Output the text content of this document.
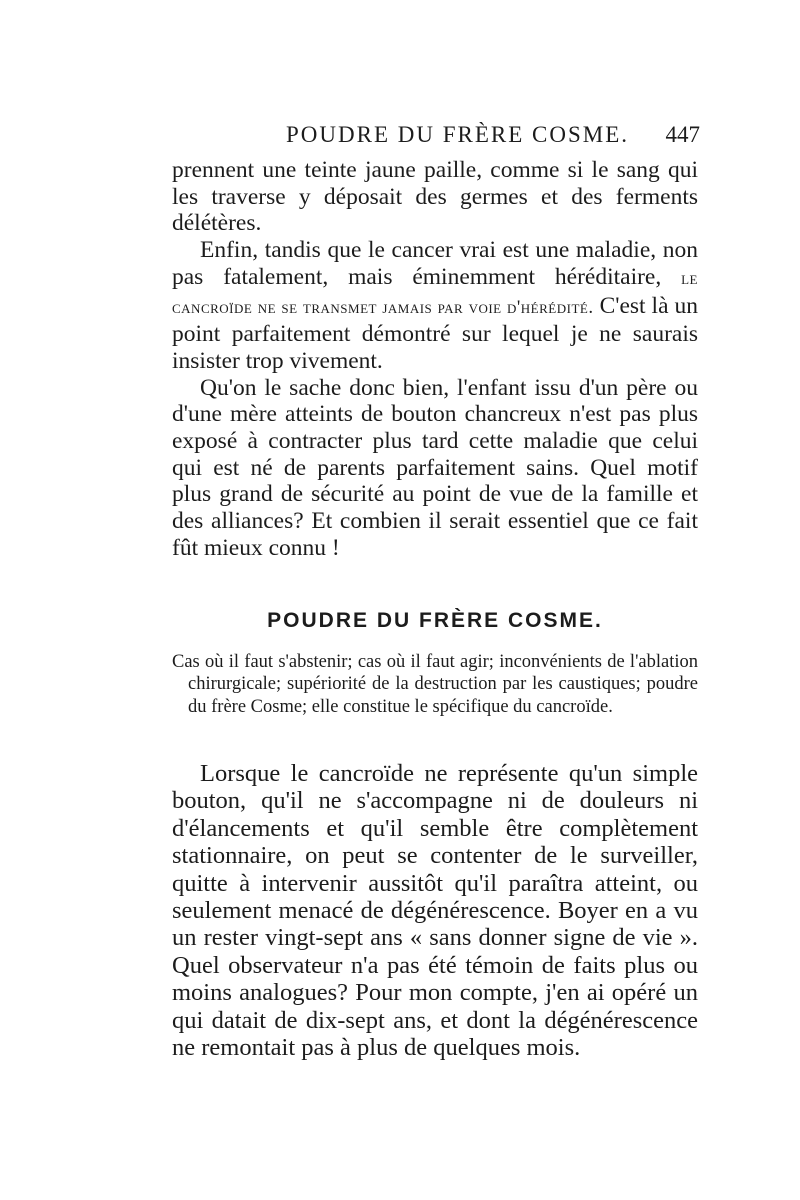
POUDRE DU FRÈRE COSME. 447

prennent une teinte jaune paille, comme si le sang qui les traverse y déposait des germes et des ferments délétères.

Enfin, tandis que le cancer vrai est une maladie, non pas fatalement, mais éminemment héréditaire, le cancroïde ne se transmet jamais par voie d'hérédité. C'est là un point parfaitement démontré sur lequel je ne saurais insister trop vivement.

Qu'on le sache donc bien, l'enfant issu d'un père ou d'une mère atteints de bouton chancreux n'est pas plus exposé à contracter plus tard cette maladie que celui qui est né de parents parfaitement sains. Quel motif plus grand de sécurité au point de vue de la famille et des alliances? Et combien il serait essentiel que ce fait fût mieux connu !

POUDRE DU FRÈRE COSME.

Cas où il faut s'abstenir; cas où il faut agir; inconvénients de l'ablation chirurgicale; supériorité de la destruction par les caustiques; poudre du frère Cosme; elle constitue le spécifique du cancroïde.

Lorsque le cancroïde ne représente qu'un simple bouton, qu'il ne s'accompagne ni de douleurs ni d'élancements et qu'il semble être complètement stationnaire, on peut se contenter de le surveiller, quitte à intervenir aussitôt qu'il paraîtra atteint, ou seulement menacé de dégénérescence. Boyer en a vu un rester vingt-sept ans « sans donner signe de vie ». Quel observateur n'a pas été témoin de faits plus ou moins analogues? Pour mon compte, j'en ai opéré un qui datait de dix-sept ans, et dont la dégénérescence ne remontait pas à plus de quelques mois.
